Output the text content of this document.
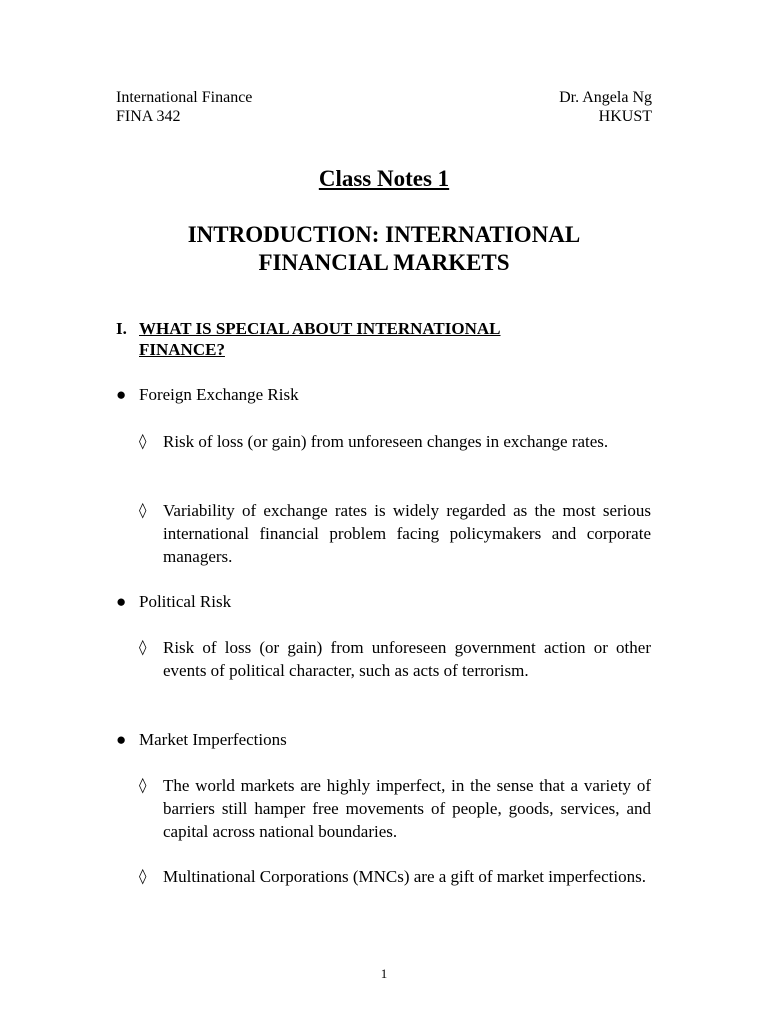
International Finance	Dr. Angela Ng
FINA 342	HKUST
Class Notes 1
INTRODUCTION: INTERNATIONAL
FINANCIAL MARKETS
I. WHAT IS SPECIAL ABOUT INTERNATIONAL
FINANCE?
● Foreign Exchange Risk
◊ Risk of loss (or gain) from unforeseen changes in exchange rates.
◊ Variability of exchange rates is widely regarded as the most serious international financial problem facing policymakers and corporate managers.
● Political Risk
◊ Risk of loss (or gain) from unforeseen government action or other events of political character, such as acts of terrorism.
● Market Imperfections
◊ The world markets are highly imperfect, in the sense that a variety of barriers still hamper free movements of people, goods, services, and capital across national boundaries.
◊ Multinational Corporations (MNCs) are a gift of market imperfections.
1
